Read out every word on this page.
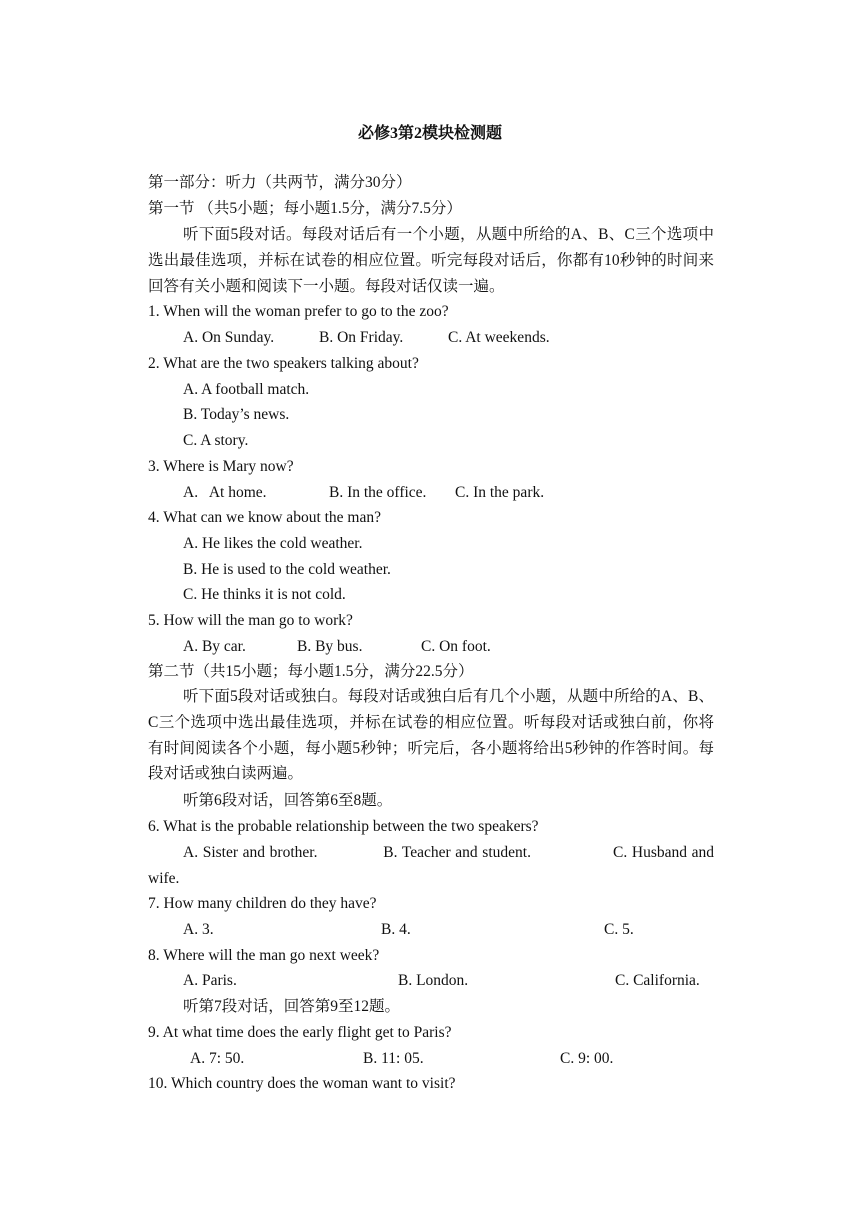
必修3第2模块检测题
第一部分：听力（共两节，满分30分）
第一节 （共5小题；每小题1.5分，满分7.5分）
听下面5段对话。每段对话后有一个小题，从题中所给的A、B、C三个选项中选出最佳选项，并标在试卷的相应位置。听完每段对话后，你都有10秒钟的时间来回答有关小题和阅读下一小题。每段对话仅读一遍。
1. When will the woman prefer to go to the zoo?
A. On Sunday.	B. On Friday.	C. At weekends.
2. What are the two speakers talking about?
A. A football match.
B. Today’s news.
C. A story.
3. Where is Mary now?
A.   At home.	B. In the office. C. In the park.
4. What can we know about the man?
A. He likes the cold weather.
B. He is used to the cold weather.
C. He thinks it is not cold.
5. How will the man go to work?
A. By car.	B. By bus.	C. On foot.
第二节（共15小题；每小题1.5分，满分22.5分）
听下面5段对话或独白。每段对话或独白后有几个小题，从题中所给的A、B、C三个选项中选出最佳选项，并标在试卷的相应位置。听每段对话或独白前，你将有时间阅读各个小题，每小题5秒钟；听完后，各小题将给出5秒钟的作答时间。每段对话或独白读两遍。
听第6段对话，回答第6至8题。
6. What is the probable relationship between the two speakers?
A. Sister and brother.　　　　B. Teacher and student.　　　　　C. Husband and wife.
7. How many children do they have?
A. 3.	B. 4.	C. 5.
8. Where will the man go next week?
A. Paris.	B. London.	C. California.
听第7段对话，回答第9至12题。
9. At what time does the early flight get to Paris?
A. 7: 50.	B. 11: 05.	C. 9: 00.
10. Which country does the woman want to visit?
